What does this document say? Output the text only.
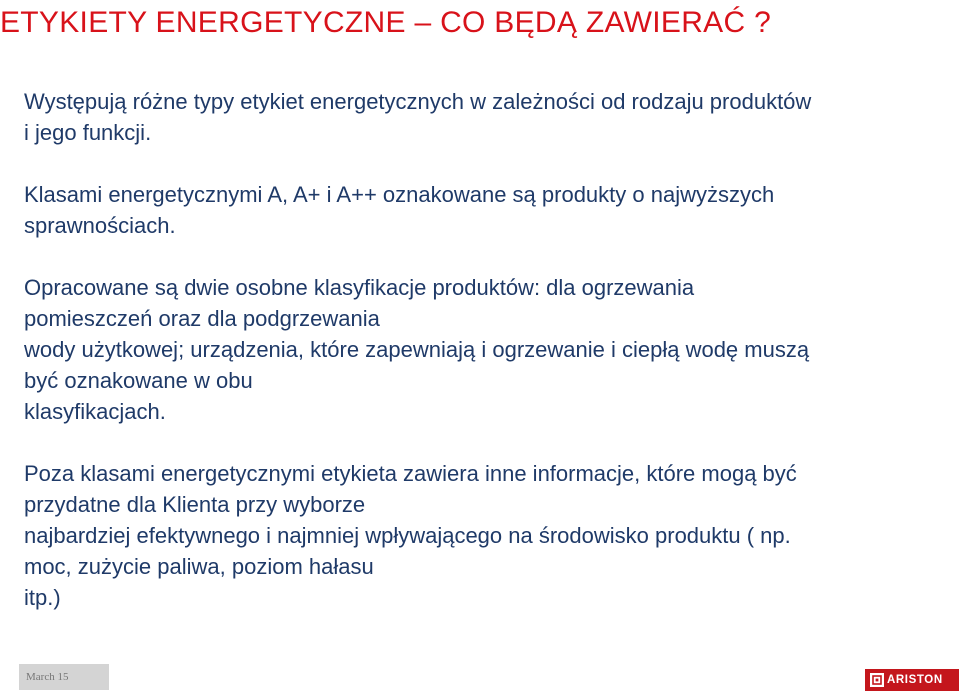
ETYKIETY ENERGETYCZNE – CO BĘDĄ ZAWIERAĆ ?

Występują różne typy etykiet energetycznych w zależności od rodzaju produktów
i jego funkcji.

Klasami energetycznymi A, A+ i A++ oznakowane są produkty o najwyższych
sprawnościach.

Opracowane są dwie osobne klasyfikacje produktów: dla ogrzewania
pomieszczeń oraz dla podgrzewania
wody użytkowej; urządzenia, które zapewniają i ogrzewanie i ciepłą wodę muszą
być oznakowane w obu
klasyfikacjach.

Poza klasami energetycznymi etykieta zawiera inne informacje, które mogą być
przydatne dla Klienta przy wyborze
najbardziej efektywnego i najmniej wpływającego na środowisko produktu ( np.
moc, zużycie paliwa, poziom hałasu
itp.)

March 15	ARISTON
